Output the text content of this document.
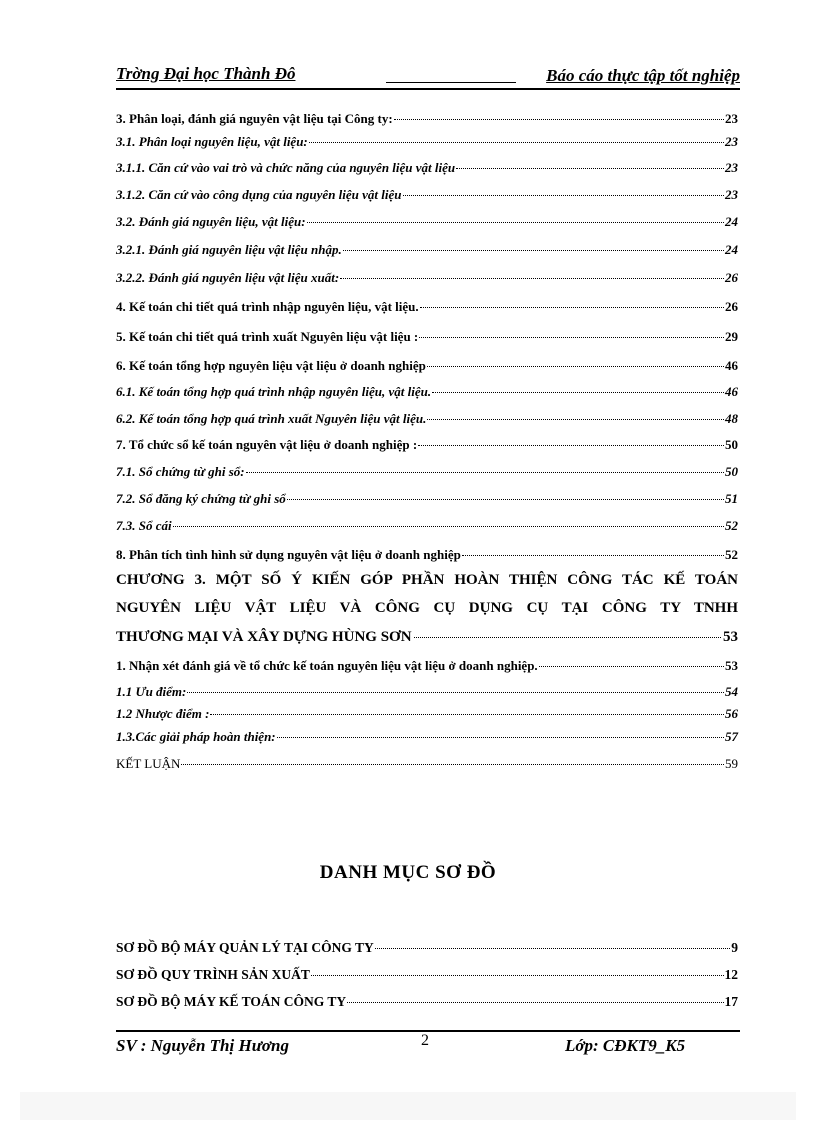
Trờng Đại học Thành Đô	Báo cáo thực tập tốt nghiệp
3. Phân loại, đánh giá nguyên vật liệu tại Công ty:	23
3.1. Phân loại nguyên liệu, vật liệu:	23
3.1.1. Căn cứ vào vai trò và chức năng của nguyên liệu vật liệu	23
3.1.2. Căn cứ vào công dụng của nguyên liệu vật liệu	23
3.2. Đánh giá nguyên liệu, vật liệu:	24
3.2.1. Đánh giá nguyên liệu vật liệu nhập.	24
3.2.2. Đánh giá nguyên liệu vật liệu xuất:	26
4. Kế toán chi tiết quá trình nhập nguyên liệu, vật liệu.	26
5. Kế toán chi tiết quá trình xuất Nguyên liệu vật liệu :	29
6. Kế toán tổng hợp nguyên liệu vật liệu ở doanh nghiệp	46
6.1. Kế toán tổng hợp quá trình nhập nguyên liệu, vật liệu.	46
6.2. Kế toán tổng hợp quá trình xuất Nguyên liệu vật liệu.	48
7. Tổ chức sổ kế toán nguyên vật liệu ở doanh nghiệp :	50
7.1. Sổ chứng từ ghi sổ:	50
7.2. Sổ đăng ký chứng từ ghi sổ	51
7.3. Sổ cái	52
8. Phân tích tình hình sử dụng nguyên vật liệu ở doanh nghiệp	52
CHƯƠNG 3. MỘT SỐ Ý KIẾN GÓP PHẦN HOÀN THIỆN CÔNG TÁC KẾ TOÁN
NGUYÊN LIỆU VẬT LIỆU VÀ CÔNG CỤ DỤNG CỤ TẠI CÔNG TY TNHH
THƯƠNG MẠI VÀ XÂY DỰNG HÙNG SƠN	53
1. Nhận xét đánh giá về tổ chức kế toán nguyên liệu vật liệu ở doanh nghiệp.	53
1.1 Ưu điểm:	54
1.2 Nhược điểm :	56
1.3.Các giải pháp hoàn thiện:	57
KẾT LUẬN	59
DANH MỤC SƠ ĐỒ
SƠ ĐỒ BỘ MÁY QUẢN LÝ TẠI CÔNG TY	9
SƠ ĐỒ QUY TRÌNH SẢN XUẤT	12
SƠ ĐỒ BỘ MÁY KẾ TOÁN CÔNG TY	17
SV : Nguyễn Thị Hương	2	Lớp: CĐKT9_K5
